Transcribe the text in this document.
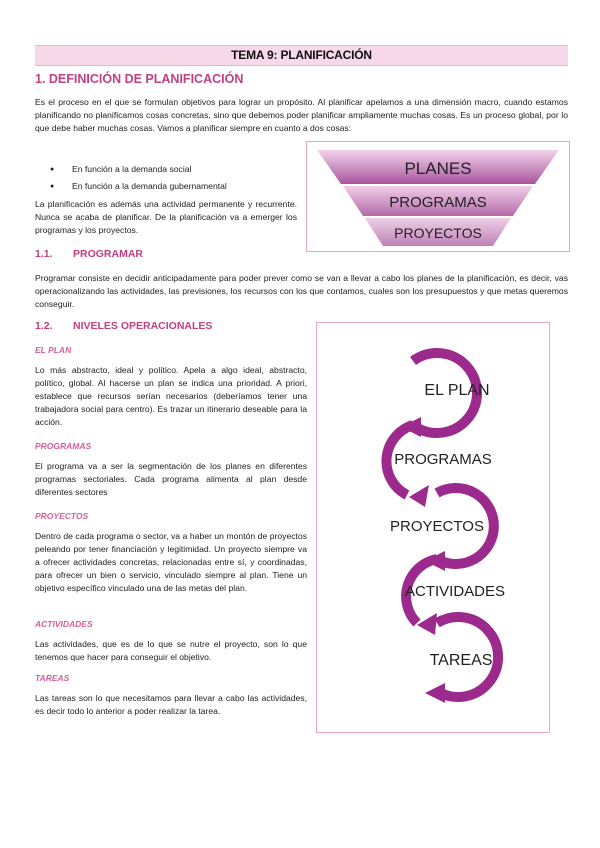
TEMA 9: PLANIFICACIÓN
1. DEFINICIÓN DE PLANIFICACIÓN

Es el proceso en el que se formulan objetivos para lograr un propósito. Al planificar apelamos a una dimensión macro, cuando estamos planificando no planificamos cosas concretas, sino que debemos poder planificar ampliamente muchas cosas. Es un proceso global, por lo que debe haber muchas cosas. Vamos a planificar siempre en cuanto a dos cosas:

● En función a la demanda social
● En función a la demanda gubernamental

La planificación es además una actividad permanente y recurrente. Nunca se acaba de planificar. De la planificación va a emerger los programas y los proyectos.

PLANES
PROGRAMAS
PROYECTOS
1.1. PROGRAMAR

Programar consiste en decidir anticipadamente para poder prever como se van a llevar a cabo los planes de la planificación, es decir, vas operacionalizando las actividades, las previsiones, los recursos con los que contamos, cuales son los presupuestos y que metas queremos conseguir.

1.2. NIVELES OPERACIONALES
EL PLAN

Lo más abstracto, ideal y político. Apela a algo ideal, abstracto, político, global. Al hacerse un plan se indica una prioridad. A priori, establece que recursos serían necesarios (deberíamos tener una trabajadora social para centro). Es trazar un itinerario deseable para la acción.

PROGRAMAS

El programa va a ser la segmentación de los planes en diferentes programas sectoriales. Cada programa alimenta al plan desde diferentes sectores

PROYECTOS

Dentro de cada programa o sector, va a haber un montón de proyectos peleando por tener financiación y legitimidad. Un proyecto siempre va a ofrecer actividades concretas, relacionadas entre sí, y coordinadas, para ofrecer un bien o servicio, vinculado siempre al plan. Tiene un objetivo específico vinculado una de las metas del plan.

ACTIVIDADES

Las actividades, que es de lo que se nutre el proyecto, son lo que tenemos que hacer para conseguir el objetivo.

TAREAS

Las tareas son lo que necesitamos para llevar a cabo las actividades, es decir todo lo anterior a poder realizar la tarea.

EL PLAN
PROGRAMAS
PROYECTOS
ACTIVIDADES
TAREAS
